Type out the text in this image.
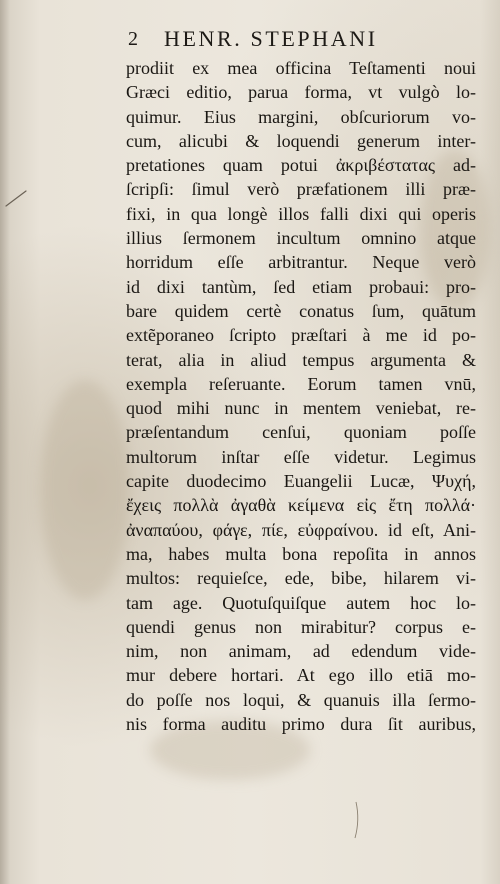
2 HENR. STEPHANI
prodiit ex mea officina Teſtamenti noui
Græci editio, parua forma, vt vulgò lo-
quimur. Eius margini, obſcuriorum vo-
cum, alicubi & loquendi generum inter-
pretationes quam potui ἀκριβέστατας ad-
ſcripſi: ſimul verò præfationem illi præ-
fixi, in qua longè illos falli dixi qui operis
illius ſermonem incultum omnino atque
horridum eſſe arbitrantur. Neque verò
id dixi tantùm, ſed etiam probaui: pro-
bare quidem certè conatus ſum, quātum
extẽporaneo ſcripto præſtari à me id po-
terat, alia in aliud tempus argumenta &
exempla reſeruante. Eorum tamen vnū,
quod mihi nunc in mentem veniebat, re-
præſentandum cenſui, quoniam poſſe
multorum inſtar eſſe videtur. Legimus
capite duodecimo Euangelii Lucæ, Ψυχή,
ἔχεις πολλὰ ἀγαθὰ κείμενα εἰς ἔτη πολλά·
ἀναπαύου, φάγε, πίε, εὐφραίνου. id eſt, Ani-
ma, habes multa bona repoſita in annos
multos: requieſce, ede, bibe, hilarem vi-
tam age. Quotuſquiſque autem hoc lo-
quendi genus non mirabitur? corpus e-
nim, non animam, ad edendum vide-
mur debere hortari. At ego illo etiā mo-
do poſſe nos loqui, & quanuis illa ſermo-
nis forma auditu primo dura ſit auribus,
